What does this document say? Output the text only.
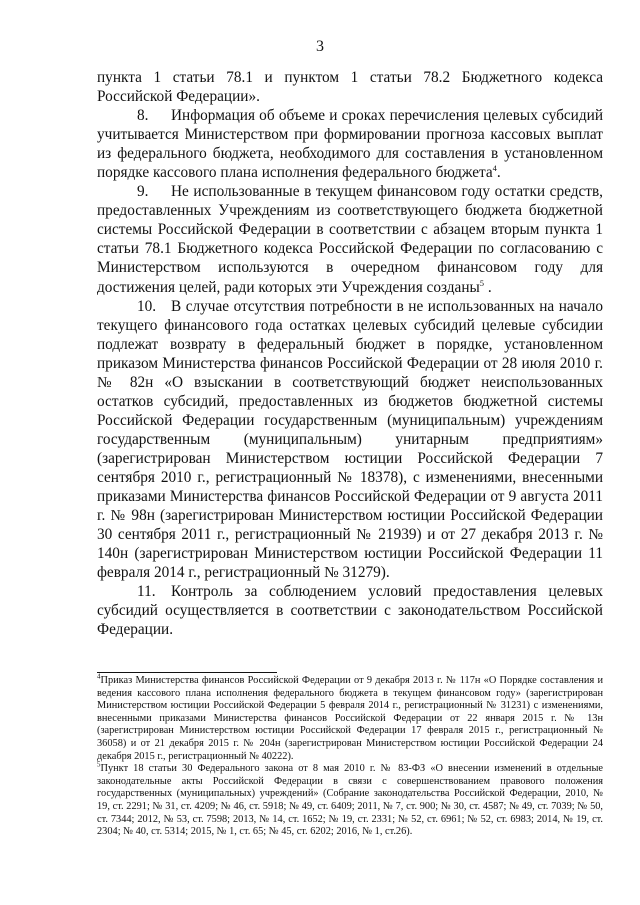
3

пункта 1 статьи 78.1 и пунктом 1 статьи 78.2 Бюджетного кодекса Российской Федерации».

8. Информация об объеме и сроках перечисления целевых субсидий учитывается Министерством при формировании прогноза кассовых выплат из федерального бюджета, необходимого для составления в установленном порядке кассового плана исполнения федерального бюджета$^4$.

9. Не использованные в текущем финансовом году остатки средств, предоставленных Учреждениям из соответствующего бюджета бюджетной системы Российской Федерации в соответствии с абзацем вторым пункта 1 статьи 78.1 Бюджетного кодекса Российской Федерации по согласованию с Министерством используются в очередном финансовом году для достижения целей, ради которых эти Учреждения созданы$^5$ .

10. В случае отсутствия потребности в не использованных на начало текущего финансового года остатках целевых субсидий целевые субсидии подлежат возврату в федеральный бюджет в порядке, установленном приказом Министерства финансов Российской Федерации от 28 июля 2010 г. № 82н «О взыскании в соответствующий бюджет неиспользованных остатков субсидий, предоставленных из бюджетов бюджетной системы Российской Федерации государственным (муниципальным) учреждениям государственным (муниципальным) унитарным предприятиям» (зарегистрирован Министерством юстиции Российской Федерации 7 сентября 2010 г., регистрационный № 18378), с изменениями, внесенными приказами Министерства финансов Российской Федерации от 9 августа 2011 г. № 98н (зарегистрирован Министерством юстиции Российской Федерации 30 сентября 2011 г., регистрационный № 21939) и от 27 декабря 2013 г. № 140н (зарегистрирован Министерством юстиции Российской Федерации 11 февраля 2014 г., регистрационный № 31279).

11. Контроль за соблюдением условий предоставления целевых субсидий осуществляется в соответствии с законодательством Российской Федерации.

$^4$Приказ Министерства финансов Российской Федерации от 9 декабря 2013 г. № 117н «О Порядке составления и ведения кассового плана исполнения федерального бюджета в текущем финансовом году» (зарегистрирован Министерством юстиции Российской Федерации 5 февраля 2014 г., регистрационный № 31231) с изменениями, внесенными приказами Министерства финансов Российской Федерации от 22 января 2015 г. № 13н (зарегистрирован Министерством юстиции Российской Федерации 17 февраля 2015 г., регистрационный № 36058) и от 21 декабря 2015 г. № 204н (зарегистрирован Министерством юстиции Российской Федерации 24 декабря 2015 г., регистрационный № 40222).

$^5$Пункт 18 статьи 30 Федерального закона от 8 мая 2010 г. № 83-ФЗ «О внесении изменений в отдельные законодательные акты Российской Федерации в связи с совершенствованием правового положения государственных (муниципальных) учреждений» (Собрание законодательства Российской Федерации, 2010, № 19, ст. 2291; № 31, ст. 4209; № 46, ст. 5918; № 49, ст. 6409; 2011, № 7, ст. 900; № 30, ст. 4587; № 49, ст. 7039; № 50, ст. 7344; 2012, № 53, ст. 7598; 2013, № 14, ст. 1652; № 19, ст. 2331; № 52, ст. 6961; № 52, ст. 6983; 2014, № 19, ст. 2304; № 40, ст. 5314; 2015, № 1, ст. 65; № 45, ст. 6202; 2016, № 1, ст.26).
